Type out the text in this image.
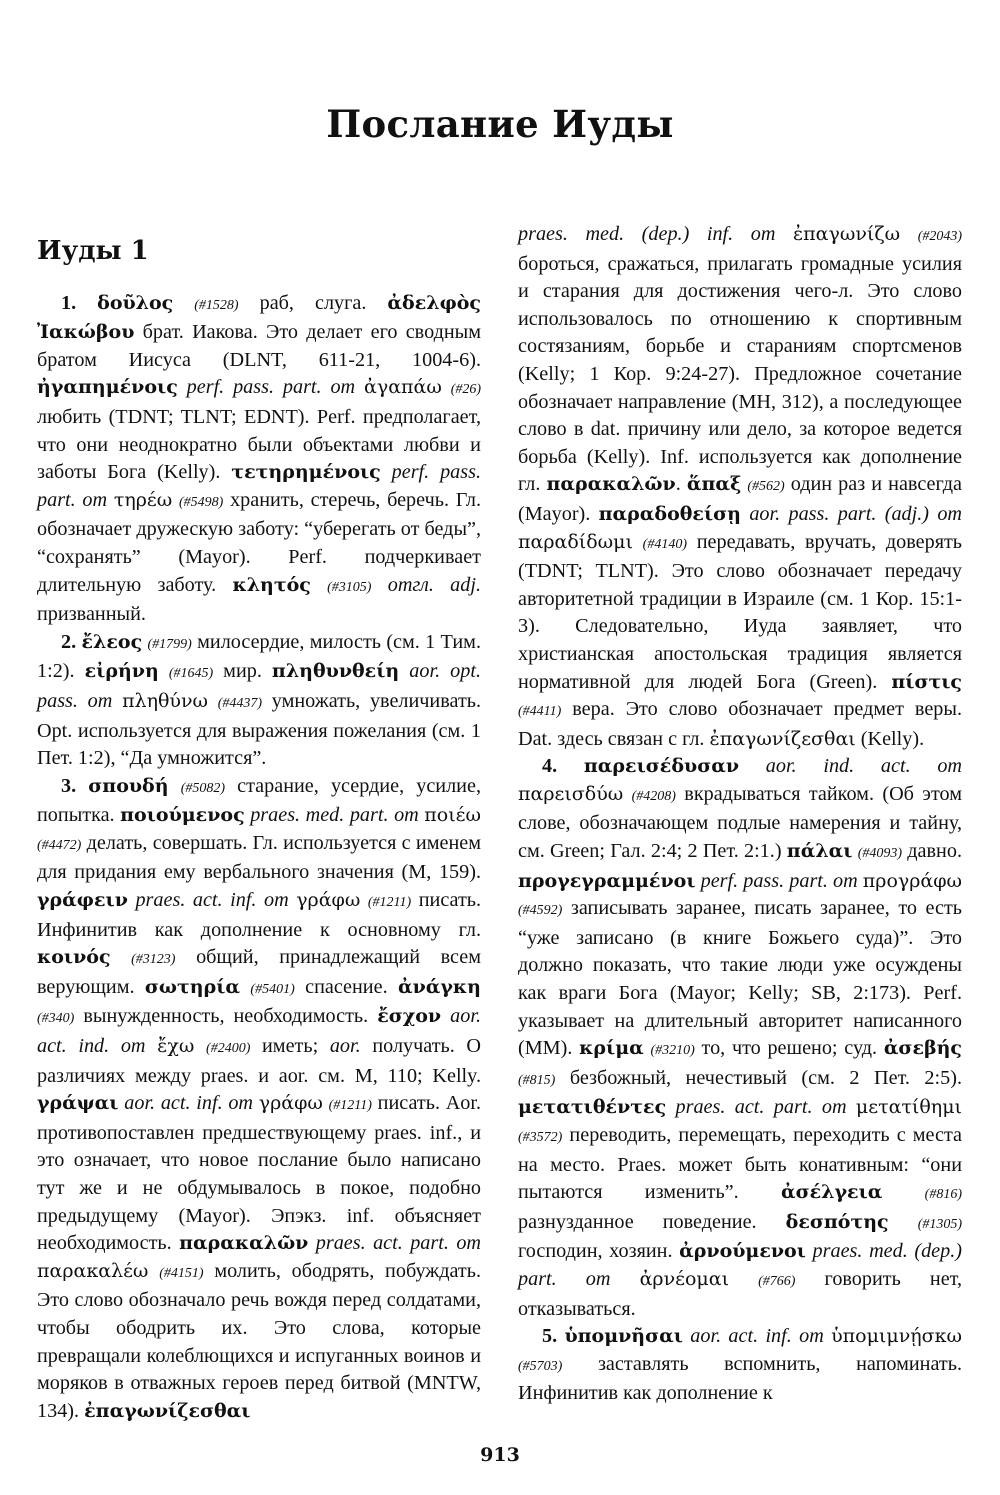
Послание Иуды
Иуды 1

1. δοῦλος (#1528) раб, слуга. ἀδελφὸς Ἰακώβου брат. Иакова. Это делает его сводным братом Иисуса (DLNT, 611-21, 1004-6). ἠγαπημένοις perf. pass. part. от ἀγαπάω (#26) любить (TDNT; TLNT; EDNT). Perf. предполагает, что они неоднократно были объектами любви и заботы Бога (Kelly). τετηρημένοις perf. pass. part. от τηρέω (#5498) хранить, стеречь, беречь. Гл. обозначает дружескую заботу: “уберегать от беды”, “сохранять” (Mayor). Perf. подчеркивает длительную заботу. κλητός (#3105) отгл. adj. призванный.

2. ἔλεος (#1799) милосердие, милость (см. 1 Тим. 1:2). εἰρήνη (#1645) мир. πληθυνθείη aor. opt. pass. от πληθύνω (#4437) умножать, увеличивать. Opt. используется для выражения пожелания (см. 1 Пет. 1:2), “Да умножится”.

3. σπουδή (#5082) старание, усердие, усилие, попытка. ποιούμενος praes. med. part. от ποιέω (#4472) делать, совершать. Гл. используется с именем для придания ему вербального значения (M, 159). γράφειν praes. act. inf. от γράφω (#1211) писать. Инфинитив как дополнение к основному гл. κοινός (#3123) общий, принадлежащий всем верующим. σωτηρία (#5401) спасение. ἀνάγκη (#340) вынужденность, необходимость. ἔσχον aor. act. ind. от ἔχω (#2400) иметь; aor. получать. О различиях между praes. и aor. см. M, 110; Kelly. γράψαι aor. act. inf. от γράφω (#1211) писать. Aor. противопоставлен предшествующему praes. inf., и это означает, что новое послание было написано тут же и не обдумывалось в покое, подобно предыдущему (Mayor). Эпэкз. inf. объясняет необходимость. παρακαλῶν praes. act. part. от παρακαλέω (#4151) молить, ободрять, побуждать. Это слово обозначало речь вождя перед солдатами, чтобы ободрить их. Это слова, которые превращали колеблющихся и испуганных воинов и моряков в отважных героев перед битвой (MNTW, 134). ἐπαγωνίζεσθαι

praes. med. (dep.) inf. от ἐπαγωνίζω (#2043) бороться, сражаться, прилагать громадные усилия и старания для достижения чего-л. Это слово использовалось по отношению к спортивным состязаниям, борьбе и стараниям спортсменов (Kelly; 1 Кор. 9:24-27). Предложное сочетание обозначает направление (MH, 312), а последующее слово в dat. причину или дело, за которое ведется борьба (Kelly). Inf. используется как дополнение гл. παρακαλῶν. ἅπαξ (#562) один раз и навсегда (Mayor). παραδοθείσῃ aor. pass. part. (adj.) от παραδίδωμι (#4140) передавать, вручать, доверять (TDNT; TLNT). Это слово обозначает передачу авторитетной традиции в Израиле (см. 1 Кор. 15:1-3). Следовательно, Иуда заявляет, что христианская апостольская традиция является нормативной для людей Бога (Green). πίστις (#4411) вера. Это слово обозначает предмет веры. Dat. здесь связан с гл. ἐπαγωνίζεσθαι (Kelly).

4. παρεισέδυσαν aor. ind. act. от παρεισδύω (#4208) вкрадываться тайком. (Об этом слове, обозначающем подлые намерения и тайну, см. Green; Гал. 2:4; 2 Пет. 2:1.) πάλαι (#4093) давно. προγεγραμμένοι perf. pass. part. от προγράφω (#4592) записывать заранее, писать заранее, то есть “уже записано (в книге Божьего суда)”. Это должно показать, что такие люди уже осуждены как враги Бога (Mayor; Kelly; SB, 2:173). Perf. указывает на длительный авторитет написанного (MM). κρίμα (#3210) то, что решено; суд. ἀσεβής (#815) безбожный, нечестивый (см. 2 Пет. 2:5). μετατιθέντες praes. act. part. от μετατίθημι (#3572) переводить, перемещать, переходить с места на место. Praes. может быть конативным: “они пытаются изменить”. ἀσέλγεια	(#816) разнузданное поведение. δεσπότης (#1305) господин, хозяин. ἀρνούμενοι praes. med. (dep.) part. от ἀρνέομαι (#766) говорить нет, отказываться.

5. ὑπομνῆσαι aor. act. inf. от ὑπομιμνῄσκω (#5703) заставлять вспомнить, напоминать. Инфинитив как дополнение к

913
